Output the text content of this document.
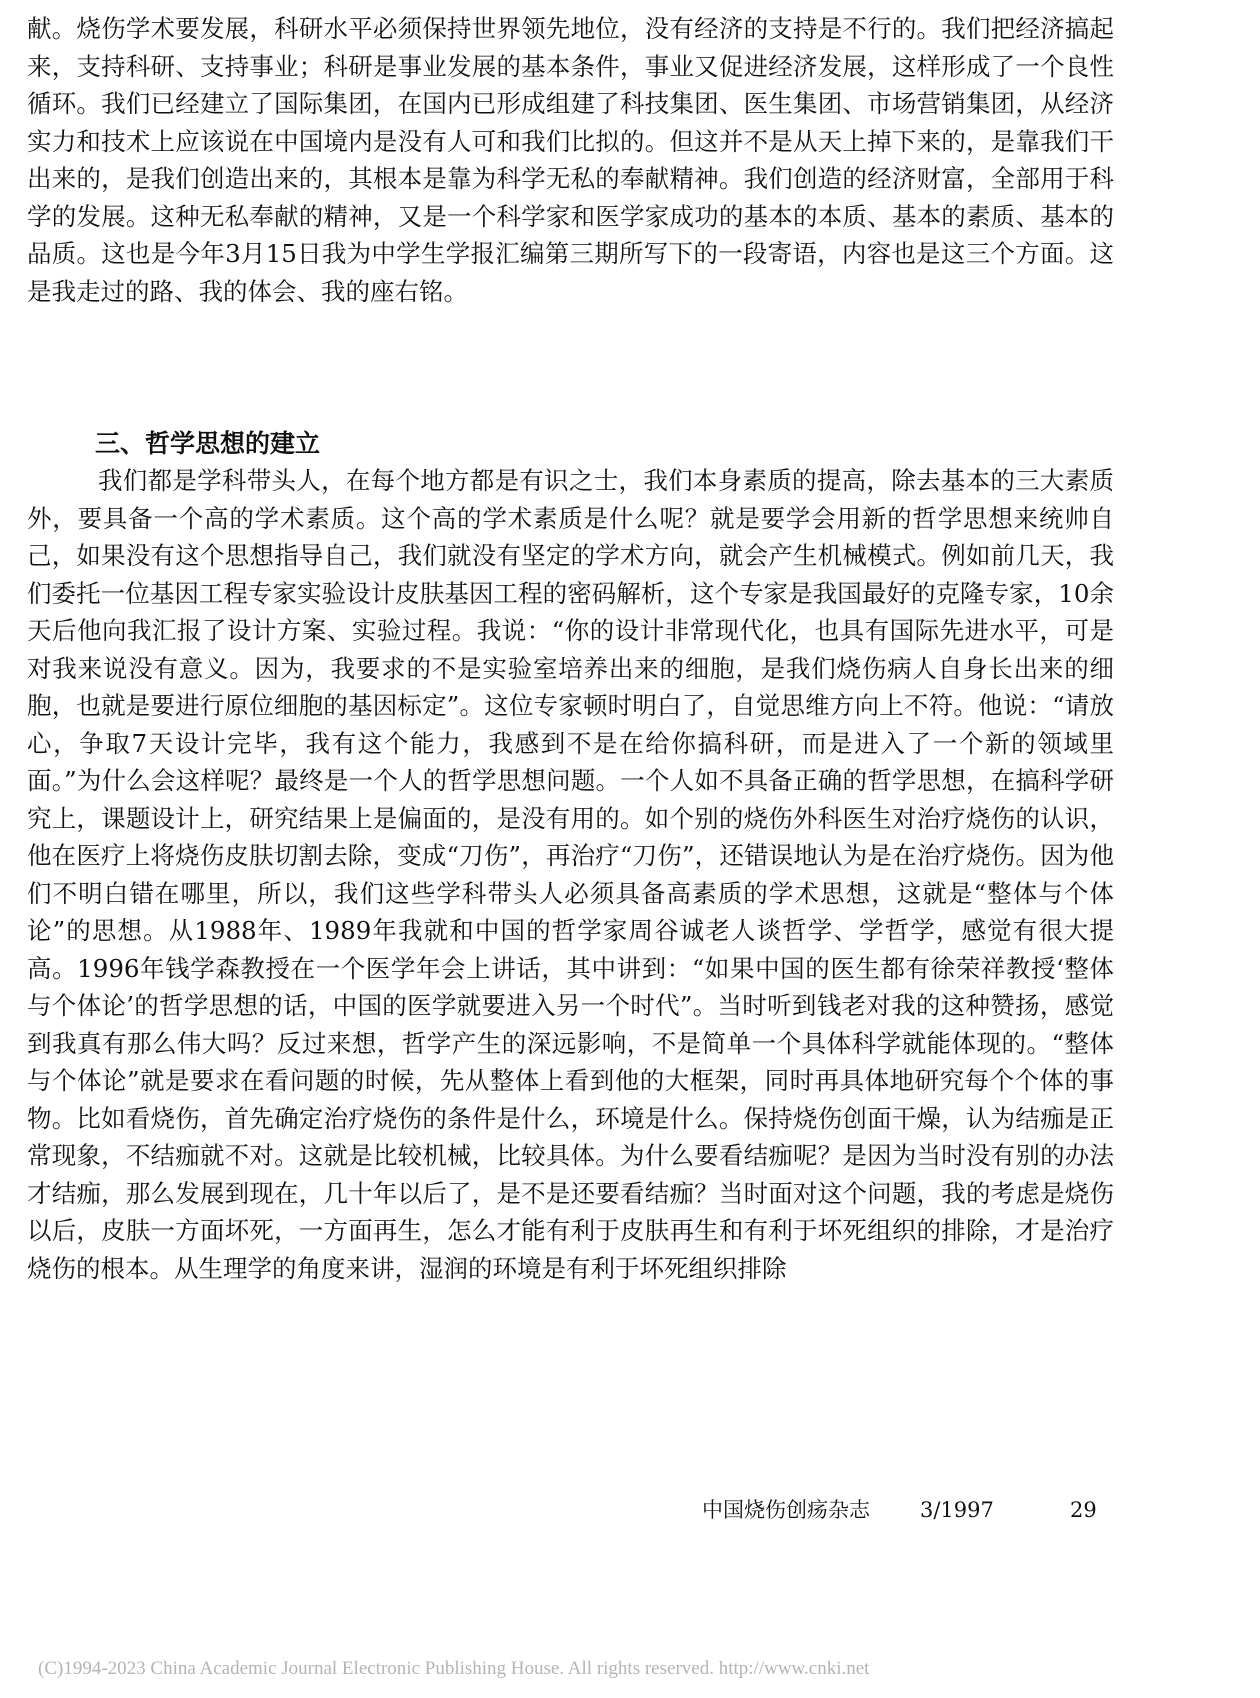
献。烧伤学术要发展，科研水平必须保持世界领先地位，没有经济的支持是不行的。我们把经济搞起来，支持科研、支持事业；科研是事业发展的基本条件，事业又促进经济发展，这样形成了一个良性循环。我们已经建立了国际集团，在国内已形成组建了科技集团、医生集团、市场营销集团，从经济实力和技术上应该说在中国境内是没有人可和我们比拟的。但这并不是从天上掉下来的，是靠我们干出来的，是我们创造出来的，其根本是靠为科学无私的奉献精神。我们创造的经济财富，全部用于科学的发展。这种无私奉献的精神，又是一个科学家和医学家成功的基本的本质、基本的素质、基本的品质。这也是今年3月15日我为中学生学报汇编第三期所写下的一段寄语，内容也是这三个方面。这是我走过的路、我的体会、我的座右铭。

三、哲学思想的建立

我们都是学科带头人，在每个地方都是有识之士，我们本身素质的提高，除去基本的三大素质外，要具备一个高的学术素质。这个高的学术素质是什么呢？就是要学会用新的哲学思想来统帅自己，如果没有这个思想指导自己，我们就没有坚定的学术方向，就会产生机械模式。例如前几天，我们委托一位基因工程专家实验设计皮肤基因工程的密码解析，这个专家是我国最好的克隆专家，10余天后他向我汇报了设计方案、实验过程。我说：“你的设计非常现代化，也具有国际先进水平，可是对我来说没有意义。因为，我要求的不是实验室培养出来的细胞，是我们烧伤病人自身长出来的细胞，也就是要进行原位细胞的基因标定”。这位专家顿时明白了，自觉思维方向上不符。他说：“请放心，争取7天设计完毕，我有这个能力，我感到不是在给你搞科研，而是进入了一个新的领域里面。”为什么会这样呢？最终是一个人的哲学思想问题。一个人如不具备正确的哲学思想，在搞科学研究上，课题设计上，研究结果上是偏面的，是没有用的。如个别的烧伤外科医生对治疗烧伤的认识，他在医疗上将烧伤皮肤切割去除，变成“刀伤”，再治疗“刀伤”，还错误地认为是在治疗烧伤。因为他们不明白错在哪里，所以，我们这些学科带头人必须具备高素质的学术思想，这就是“整体与个体论”的思想。从1988年、1989年我就和中国的哲学家周谷诚老人谈哲学、学哲学，感觉有很大提高。1996年钱学森教授在一个医学年会上讲话，其中讲到：“如果中国的医生都有徐荣祥教授‘整体与个体论’的哲学思想的话，中国的医学就要进入另一个时代”。当时听到钱老对我的这种赞扬，感觉到我真有那么伟大吗？反过来想，哲学产生的深远影响，不是简单一个具体科学就能体现的。“整体与个体论”就是要求在看问题的时候，先从整体上看到他的大框架，同时再具体地研究每个个体的事物。比如看烧伤，首先确定治疗烧伤的条件是什么，环境是什么。保持烧伤创面干燥，认为结痂是正常现象，不结痂就不对。这就是比较机械，比较具体。为什么要看结痂呢？是因为当时没有别的办法才结痂，那么发展到现在，几十年以后了，是不是还要看结痂？当时面对这个问题，我的考虑是烧伤以后，皮肤一方面坏死，一方面再生，怎么才能有利于皮肤再生和有利于坏死组织的排除，才是治疗烧伤的根本。从生理学的角度来讲，湿润的环境是有利于坏死组织排除

中国烧伤创疡杂志 3/1997	29
(C)1994-2023 China Academic Journal Electronic Publishing House. All rights reserved. http://www.cnki.net
